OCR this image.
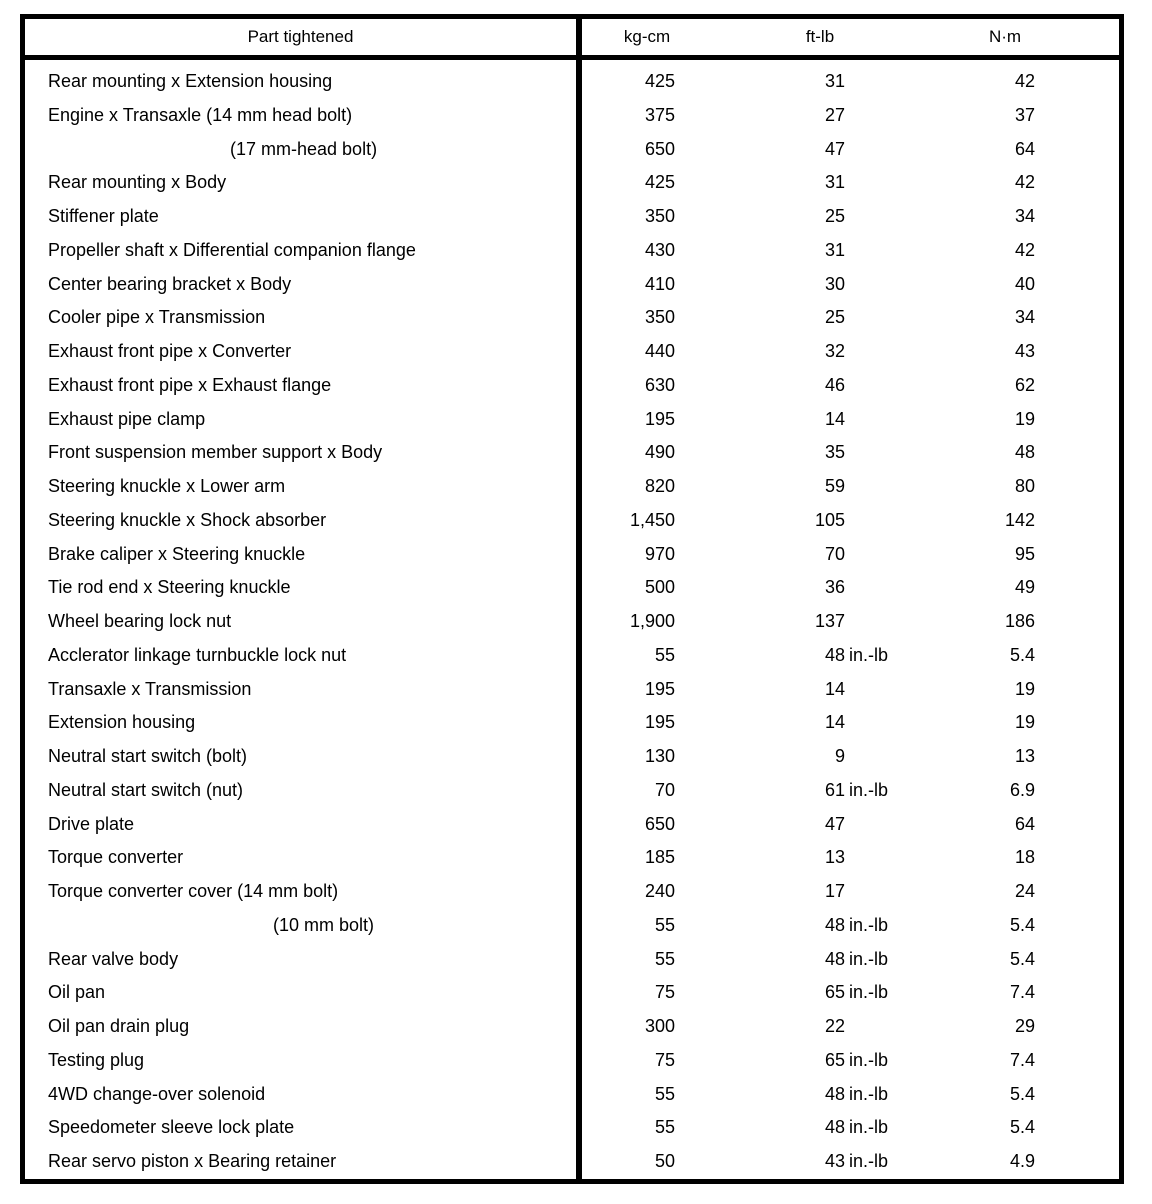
Part tightened	kg-cm	ft-lb	N·m
Rear mounting x Extension housing	425	31	42
Engine x Transaxle (14 mm head bolt)	375	27	37
(17 mm-head bolt)	650	47	64
Rear mounting x Body	425	31	42
Stiffener plate	350	25	34
Propeller shaft x Differential companion flange	430	31	42
Center bearing bracket x Body	410	30	40
Cooler pipe x Transmission	350	25	34
Exhaust front pipe x Converter	440	32	43
Exhaust front pipe x Exhaust flange	630	46	62
Exhaust pipe clamp	195	14	19
Front suspension member support x Body	490	35	48
Steering knuckle x Lower arm	820	59	80
Steering knuckle x Shock absorber	1,450	105	142
Brake caliper x Steering knuckle	970	70	95
Tie rod end x Steering knuckle	500	36	49
Wheel bearing lock nut	1,900	137	186
Acclerator linkage turnbuckle lock nut	55	48 in.-lb	5.4
Transaxle x Transmission	195	14	19
Extension housing	195	14	19
Neutral start switch (bolt)	130	9	13
Neutral start switch (nut)	70	61 in.-lb	6.9
Drive plate	650	47	64
Torque converter	185	13	18
Torque converter cover (14 mm bolt)	240	17	24
(10 mm bolt)	55	48 in.-lb	5.4
Rear valve body	55	48 in.-lb	5.4
Oil pan	75	65 in.-lb	7.4
Oil pan drain plug	300	22	29
Testing plug	75	65 in.-lb	7.4
4WD change-over solenoid	55	48 in.-lb	5.4
Speedometer sleeve lock plate	55	48 in.-lb	5.4
Rear servo piston x Bearing retainer	50	43 in.-lb	4.9
